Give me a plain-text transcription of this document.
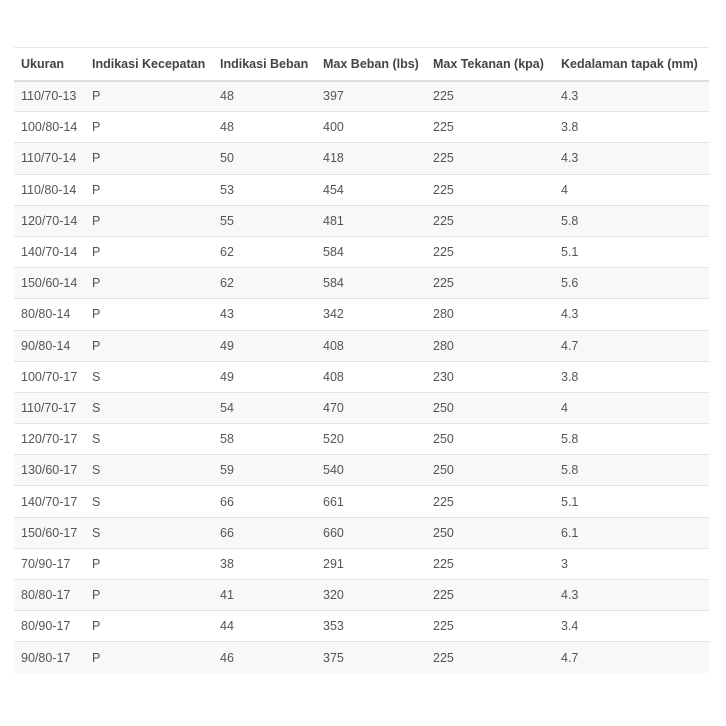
Ukuran	Indikasi Kecepatan	Indikasi Beban	Max Beban (lbs)	Max Tekanan (kpa)	Kedalaman tapak (mm)
110/70-13	P	48	397	225	4.3
100/80-14	P	48	400	225	3.8
110/70-14	P	50	418	225	4.3
110/80-14	P	53	454	225	4
120/70-14	P	55	481	225	5.8
140/70-14	P	62	584	225	5.1
150/60-14	P	62	584	225	5.6
80/80-14	P	43	342	280	4.3
90/80-14	P	49	408	280	4.7
100/70-17	S	49	408	230	3.8
110/70-17	S	54	470	250	4
120/70-17	S	58	520	250	5.8
130/60-17	S	59	540	250	5.8
140/70-17	S	66	661	225	5.1
150/60-17	S	66	660	250	6.1
70/90-17	P	38	291	225	3
80/80-17	P	41	320	225	4.3
80/90-17	P	44	353	225	3.4
90/80-17	P	46	375	225	4.7
